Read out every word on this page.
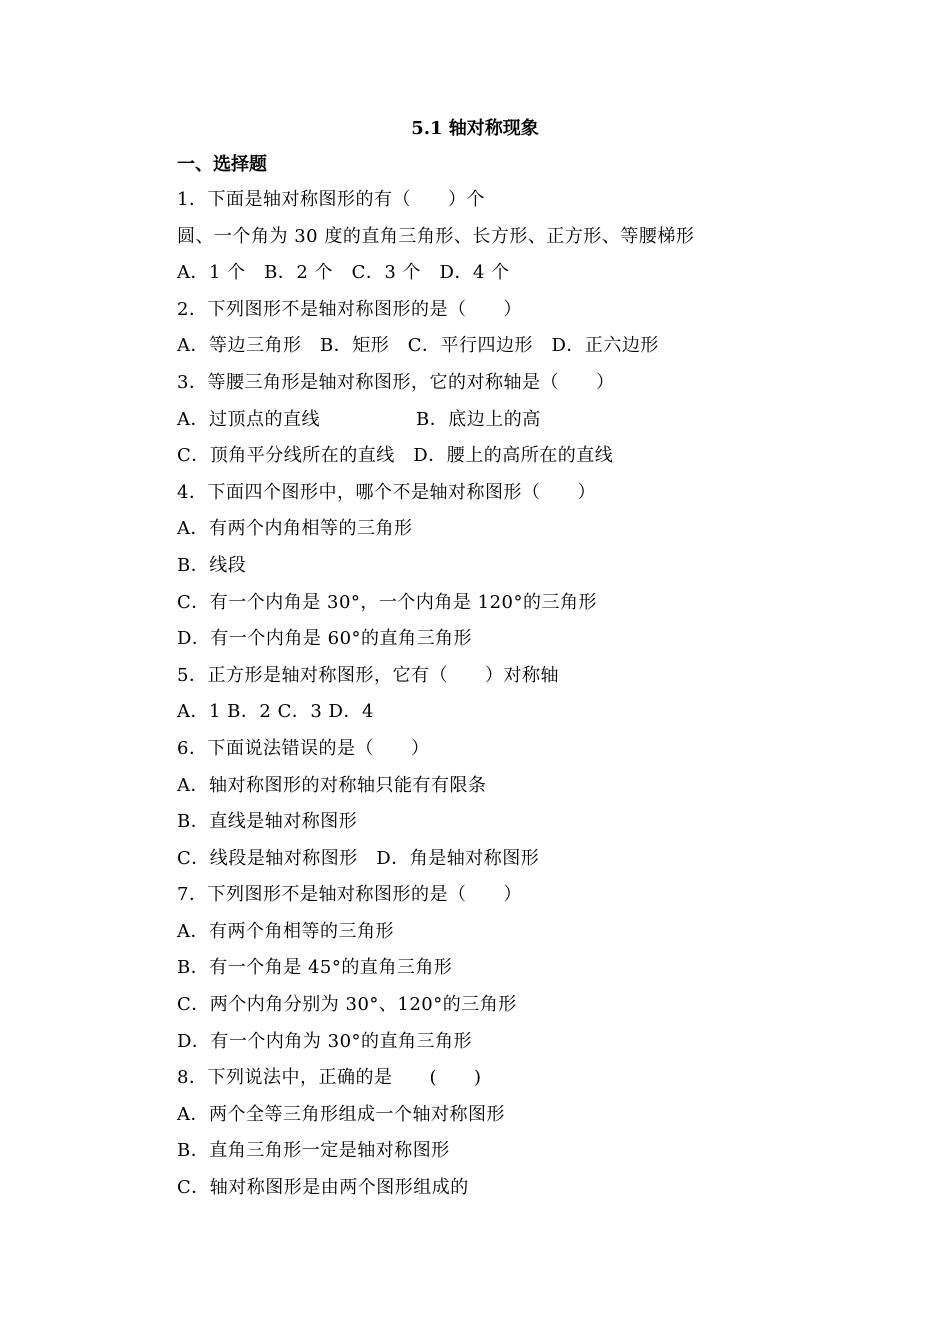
5.1 轴对称现象
一、选择题
1．下面是轴对称图形的有（　　）个
圆、一个角为 30 度的直角三角形、长方形、正方形、等腰梯形
A．1 个　B．2 个　C．3 个　D．4 个
2．下列图形不是轴对称图形的是（　　）
A．等边三角形　B．矩形　C．平行四边形　D．正六边形
3．等腰三角形是轴对称图形，它的对称轴是（　　）
A．过顶点的直线	B．底边上的高
C．顶角平分线所在的直线　D．腰上的高所在的直线
4．下面四个图形中，哪个不是轴对称图形（　　）
A．有两个内角相等的三角形
B．线段
C．有一个内角是 30°，一个内角是 120°的三角形
D．有一个内角是 60°的直角三角形
5．正方形是轴对称图形，它有（　　）对称轴
A．1 B．2 C．3 D．4
6．下面说法错误的是（　　）
A．轴对称图形的对称轴只能有有限条
B．直线是轴对称图形
C．线段是轴对称图形　D．角是轴对称图形
7．下列图形不是轴对称图形的是（　　）
A．有两个角相等的三角形
B．有一个角是 45°的直角三角形
C．两个内角分别为 30°、120°的三角形
D．有一个内角为 30°的直角三角形
8．下列说法中，正确的是　　(　　)
A．两个全等三角形组成一个轴对称图形
B．直角三角形一定是轴对称图形
C．轴对称图形是由两个图形组成的
